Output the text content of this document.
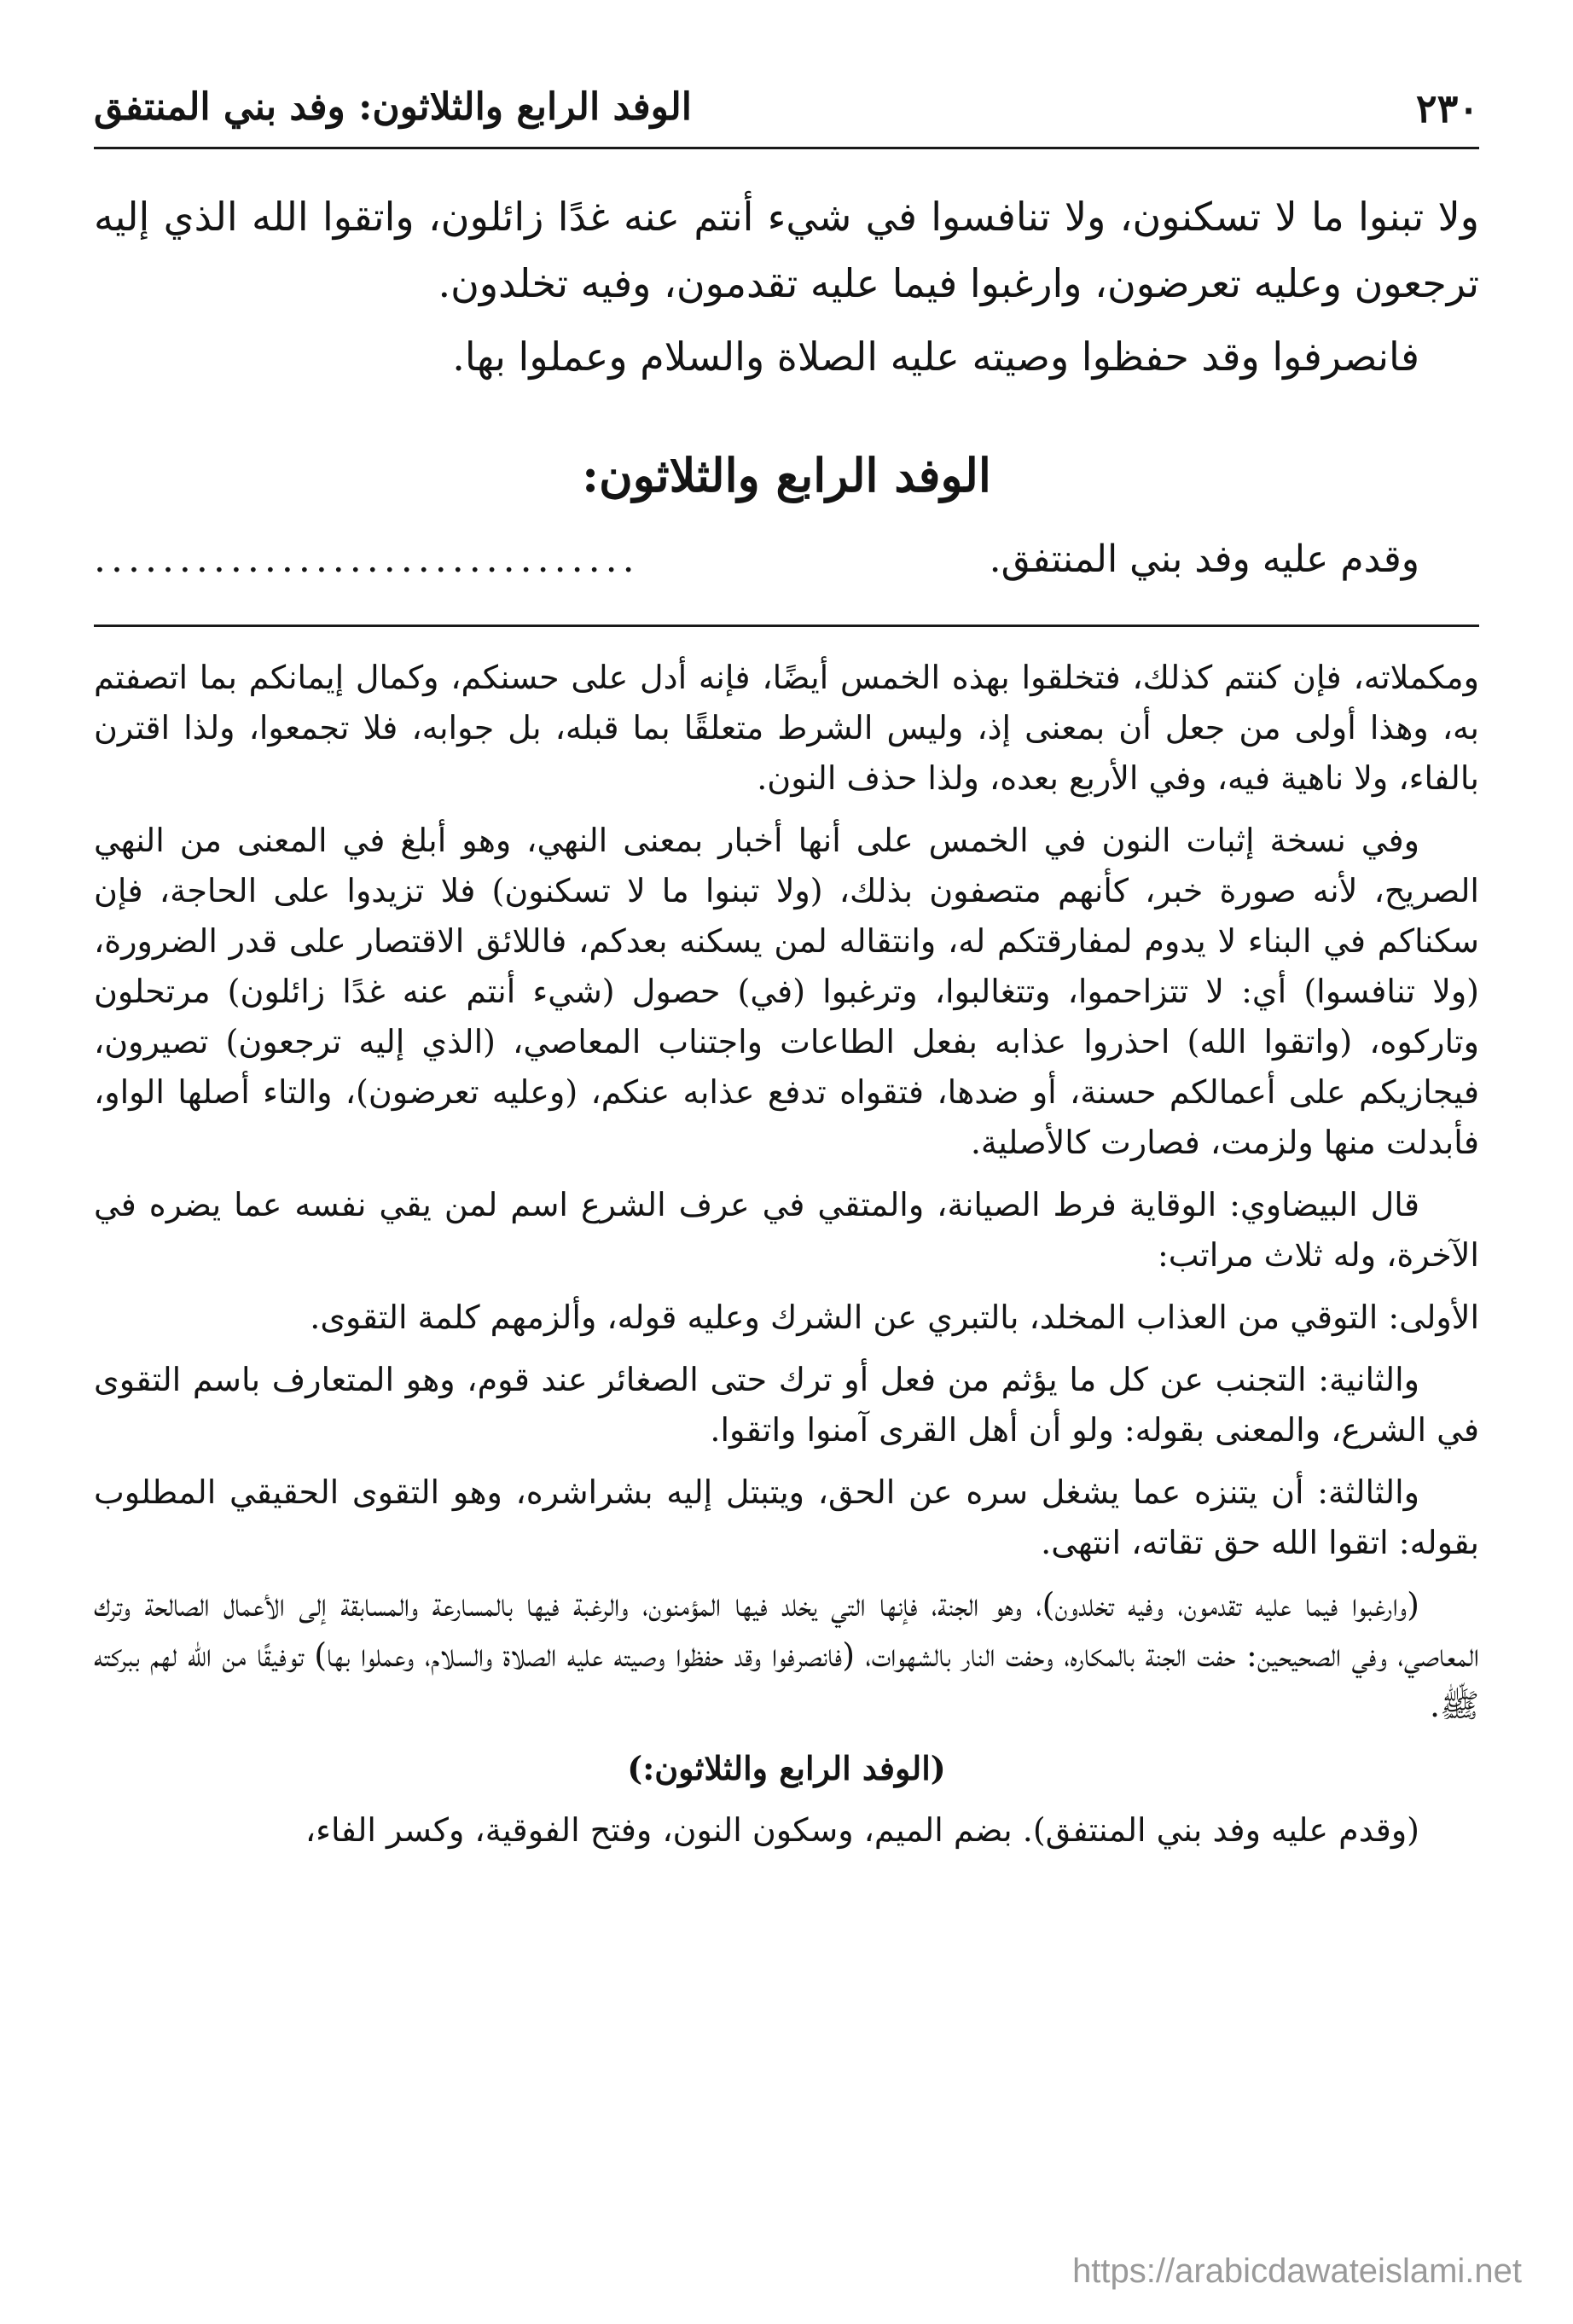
الوفد الرابع والثلاثون: وفد بني المنتفق	٢٣٠

ولا تبنوا ما لا تسكنون، ولا تنافسوا في شيء أنتم عنه غدًا زائلون، واتقوا الله الذي إليه ترجعون وعليه تعرضون، وارغبوا فيما عليه تقدمون، وفيه تخلدون.

فانصرفوا وقد حفظوا وصيته عليه الصلاة والسلام وعملوا بها.

الوفد الرابع والثلاثون:
وقدم عليه وفد بني المنتفق.
................................

ومكملاته، فإن كنتم كذلك، فتخلقوا بهذه الخمس أيضًا، فإنه أدل على حسنكم، وكمال إيمانكم بما اتصفتم به، وهذا أولى من جعل أن بمعنى إذ، وليس الشرط متعلقًا بما قبله، بل جوابه، فلا تجمعوا، ولذا اقترن بالفاء، ولا ناهية فيه، وفي الأربع بعده، ولذا حذف النون.

وفي نسخة إثبات النون في الخمس على أنها أخبار بمعنى النهي، وهو أبلغ في المعنى من النهي الصريح، لأنه صورة خبر، كأنهم متصفون بذلك، (ولا تبنوا ما لا تسكنون) فلا تزيدوا على الحاجة، فإن سكناكم في البناء لا يدوم لمفارقتكم له، وانتقاله لمن يسكنه بعدكم، فاللائق الاقتصار على قدر الضرورة، (ولا تنافسوا) أي: لا تتزاحموا، وتتغالبوا، وترغبوا (في) حصول (شيء أنتم عنه غدًا زائلون) مرتحلون وتاركوه، (واتقوا الله) احذروا عذابه بفعل الطاعات واجتناب المعاصي، (الذي إليه ترجعون) تصيرون، فيجازيكم على أعمالكم حسنة، أو ضدها، فتقواه تدفع عذابه عنكم، (وعليه تعرضون)، والتاء أصلها الواو، فأبدلت منها ولزمت، فصارت كالأصلية.

قال البيضاوي: الوقاية فرط الصيانة، والمتقي في عرف الشرع اسم لمن يقي نفسه عما يضره في الآخرة، وله ثلاث مراتب:

الأولى: التوقي من العذاب المخلد، بالتبري عن الشرك وعليه قوله، وألزمهم كلمة التقوى.

والثانية: التجنب عن كل ما يؤثم من فعل أو ترك حتى الصغائر عند قوم، وهو المتعارف باسم التقوى في الشرع، والمعنى بقوله: ولو أن أهل القرى آمنوا واتقوا.

والثالثة: أن يتنزه عما يشغل سره عن الحق، ويتبتل إليه بشراشره، وهو التقوى الحقيقي المطلوب بقوله: اتقوا الله حق تقاته، انتهى.

(وارغبوا فيما عليه تقدمون، وفيه تخلدون)، وهو الجنة، فإنها التي يخلد فيها المؤمنون، والرغبة فيها بالمسارعة والمسابقة إلى الأعمال الصالحة وترك المعاصي، وفي الصحيحين: حفت الجنة بالمكاره، وحفت النار بالشهوات، (فانصرفوا وقد حفظوا وصيته عليه الصلاة والسلام، وعملوا بها) توفيقًا من الله لهم ببركته ﷺ.

(الوفد الرابع والثلاثون:)

(وقدم عليه وفد بني المنتفق). بضم الميم، وسكون النون، وفتح الفوقية، وكسر الفاء،

https://arabicdawateislami.net
